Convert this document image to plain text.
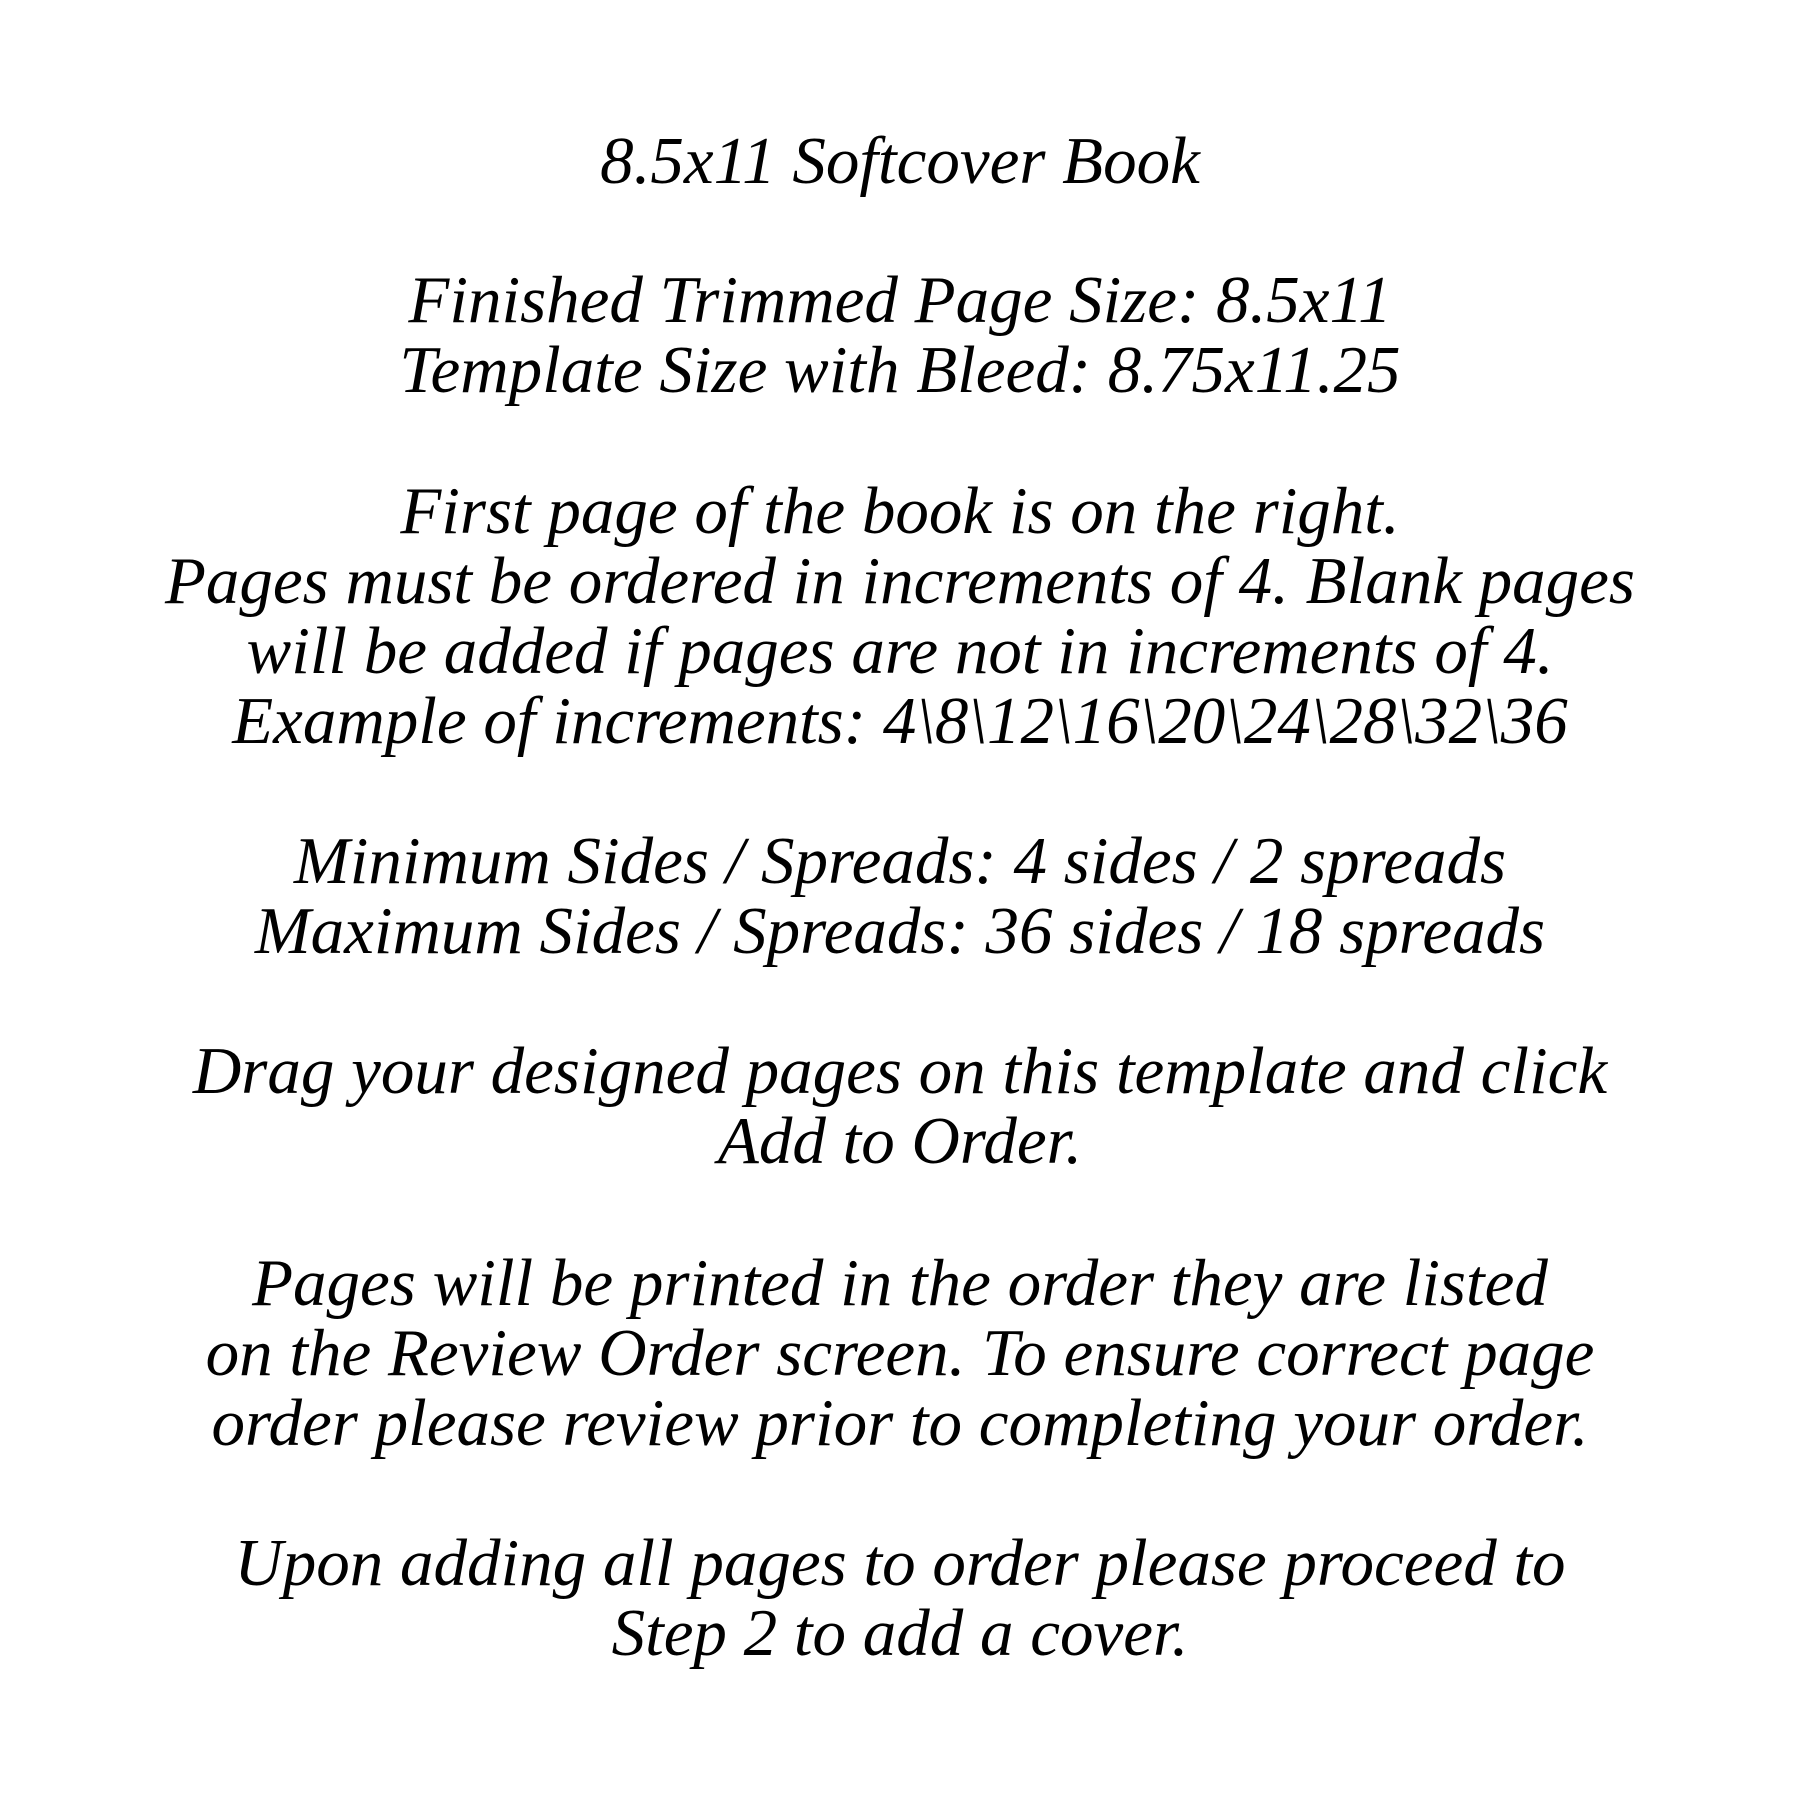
8.5x11 Softcover Book
Finished Trimmed Page Size: 8.5x11
Template Size with Bleed: 8.75x11.25
First page of the book is on the right.
Pages must be ordered in increments of 4. Blank pages
will be added if pages are not in increments of 4.
Example of increments: 4\8\12\16\20\24\28\32\36
Minimum Sides / Spreads: 4 sides / 2 spreads
Maximum Sides / Spreads: 36 sides / 18 spreads
Drag your designed pages on this template and click
Add to Order.
Pages will be printed in the order they are listed
on the Review Order screen. To ensure correct page
order please review prior to completing your order.
Upon adding all pages to order please proceed to
Step 2 to add a cover.
